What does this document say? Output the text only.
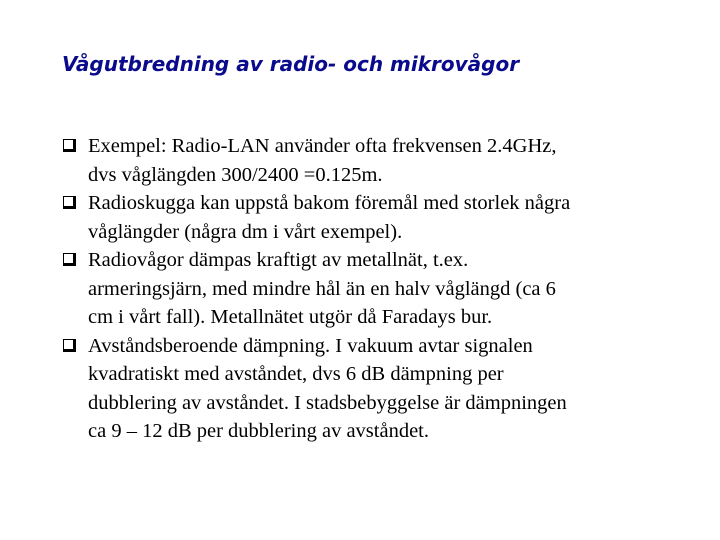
Vågutbredning av radio- och mikrovågor

Exempel: Radio-LAN använder ofta frekvensen 2.4GHz,
dvs våglängden 300/2400 =0.125m.

Radioskugga kan uppstå bakom föremål med storlek några
våglängder (några dm i vårt exempel).

Radiovågor dämpas kraftigt av metallnät, t.ex.
armeringsjärn, med mindre hål än en halv våglängd (ca 6
cm i vårt fall). Metallnätet utgör då Faradays bur.

Avståndsberoende dämpning. I vakuum avtar signalen
kvadratiskt med avståndet, dvs 6 dB dämpning per
dubblering av avståndet. I stadsbebyggelse är dämpningen
ca 9 – 12 dB per dubblering av avståndet.
